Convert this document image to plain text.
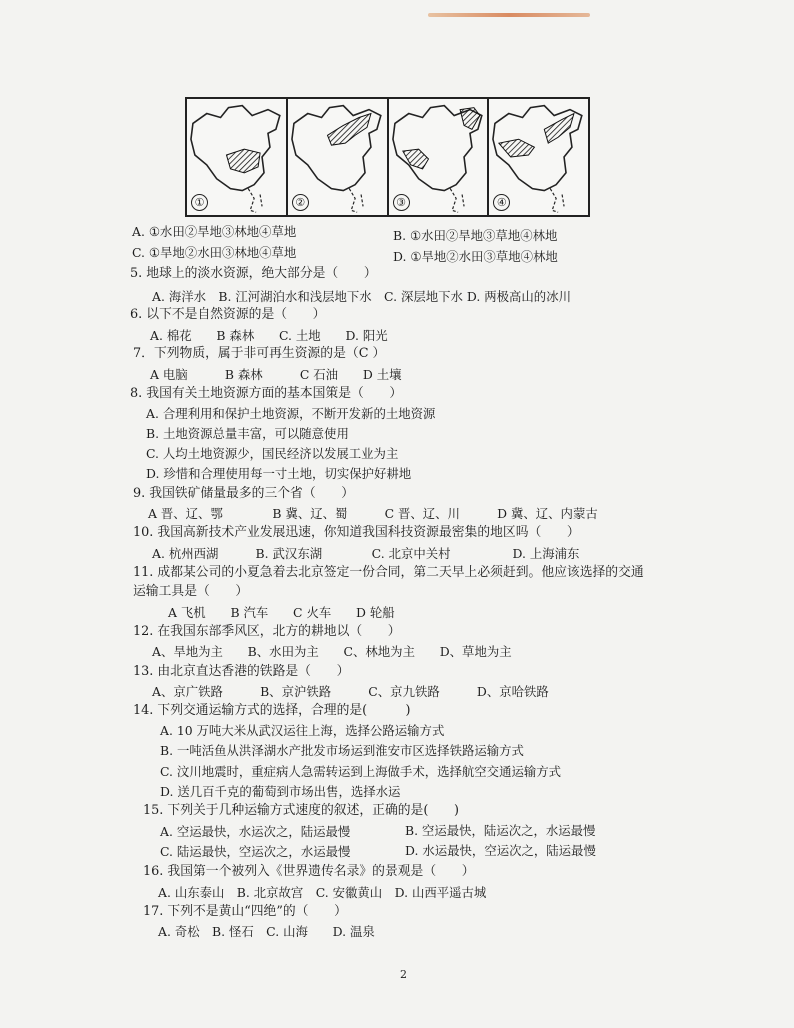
①	②	③	④
A. ①水田②旱地③林地④草地	B. ①水田②旱地③草地④林地
C. ①旱地②水田③林地④草地	D. ①旱地②水田③草地④林地
5. 地球上的淡水资源，绝大部分是（　　）
A. 海洋水　B. 江河湖泊水和浅层地下水　C. 深层地下水 D. 两极高山的冰川
6. 以下不是自然资源的是（　　）
A. 棉花　　B 森林　　C. 土地　　D. 阳光
7．下列物质，属于非可再生资源的是（C ）
A 电脑　　　B 森林　　　C 石油　　D 土壤
8. 我国有关土地资源方面的基本国策是（　　）
A. 合理利用和保护土地资源，不断开发新的土地资源
B. 土地资源总量丰富，可以随意使用
C. 人均土地资源少，国民经济以发展工业为主
D. 珍惜和合理使用每一寸土地，切实保护好耕地
9. 我国铁矿储量最多的三个省（　　）
A 晋、辽、鄂　　　　B 冀、辽、蜀　　　C 晋、辽、川　　　D 冀、辽、内蒙古
10. 我国高新技术产业发展迅速，你知道我国科技资源最密集的地区吗（　　）
A. 杭州西湖　　　B. 武汉东湖　　　　C. 北京中关村　　　　　D. 上海浦东
11. 成都某公司的小夏急着去北京签定一份合同，第二天早上必须赶到。他应该选择的交通
运输工具是（　　）
A 飞机　　B 汽车　　C 火车　　D 轮船
12. 在我国东部季风区，北方的耕地以（　　）
A、旱地为主　　B、水田为主　　C、林地为主　　D、草地为主
13. 由北京直达香港的铁路是（　　）
A、京广铁路　　　B、京沪铁路　　　C、京九铁路　　　D、京哈铁路
14. 下列交通运输方式的选择，合理的是(　　　)
A. 10 万吨大米从武汉运往上海，选择公路运输方式
B. 一吨活鱼从洪泽湖水产批发市场运到淮安市区选择铁路运输方式
C. 汶川地震时，重症病人急需转运到上海做手术，选择航空交通运输方式
D. 送几百千克的葡萄到市场出售，选择水运
15. 下列关于几种运输方式速度的叙述，正确的是(　　)
A. 空运最快，水运次之，陆运最慢	B. 空运最快，陆运次之，水运最慢
C. 陆运最快，空运次之，水运最慢	D. 水运最快，空运次之，陆运最慢
16. 我国第一个被列入《世界遗传名录》的景观是（　　）
A. 山东泰山　B. 北京故宫　C. 安徽黄山　D. 山西平遥古城
17. 下列不是黄山“四绝”的（　　）
A. 奇松　B. 怪石　C. 山海　　D. 温泉
2
